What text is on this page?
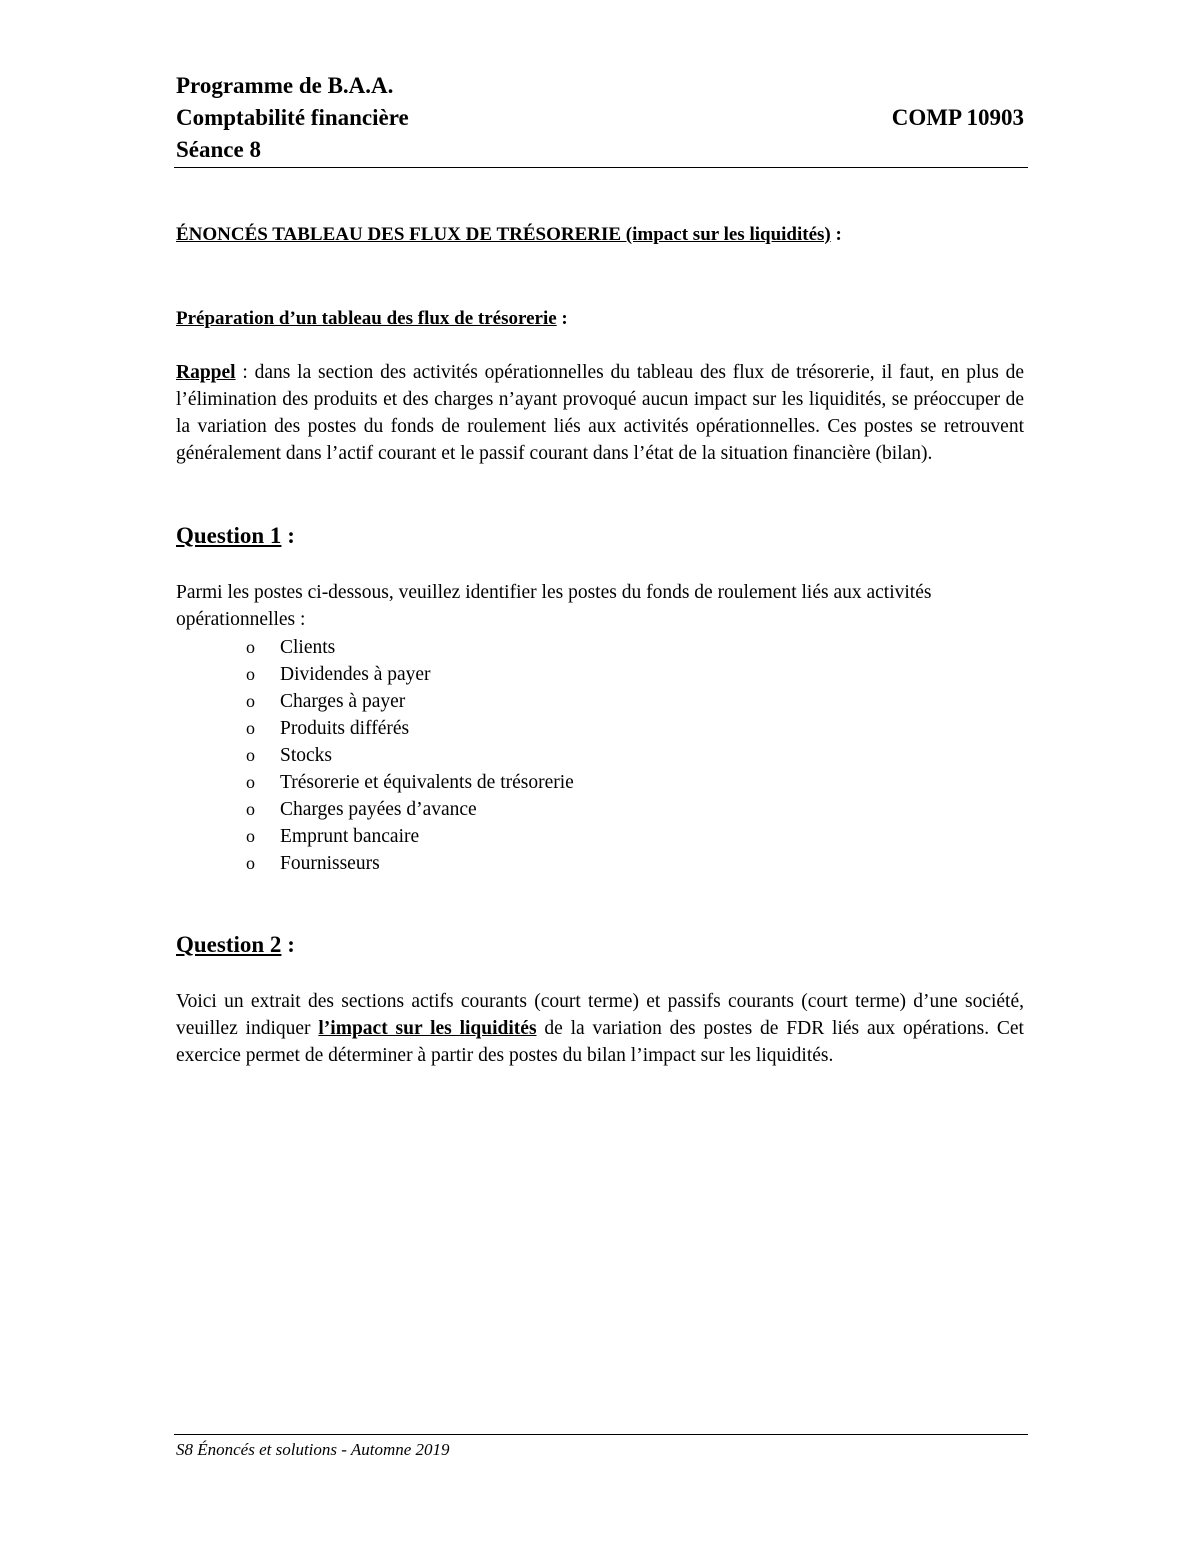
Programme de B.A.A.
Comptabilité financière
Séance 8
COMP 10903
ÉNONCÉS TABLEAU DES FLUX DE TRÉSORERIE (impact sur les liquidités) :
Préparation d’un tableau des flux de trésorerie :
Rappel : dans la section des activités opérationnelles du tableau des flux de trésorerie, il faut, en plus de l’élimination des produits et des charges n’ayant provoqué aucun impact sur les liquidités, se préoccuper de la variation des postes du fonds de roulement liés aux activités opérationnelles. Ces postes se retrouvent généralement dans l’actif courant et le passif courant dans l’état de la situation financière (bilan).
Question 1 :
Parmi les postes ci-dessous, veuillez identifier les postes du fonds de roulement liés aux activités opérationnelles :
o Clients
o Dividendes à payer
o Charges à payer
o Produits différés
o Stocks
o Trésorerie et équivalents de trésorerie
o Charges payées d’avance
o Emprunt bancaire
o Fournisseurs
Question 2 :
Voici un extrait des sections actifs courants (court terme) et passifs courants (court terme) d’une société, veuillez indiquer l’impact sur les liquidités de la variation des postes de FDR liés aux opérations. Cet exercice permet de déterminer à partir des postes du bilan l’impact sur les liquidités.
S8 Énoncés et solutions - Automne 2019
